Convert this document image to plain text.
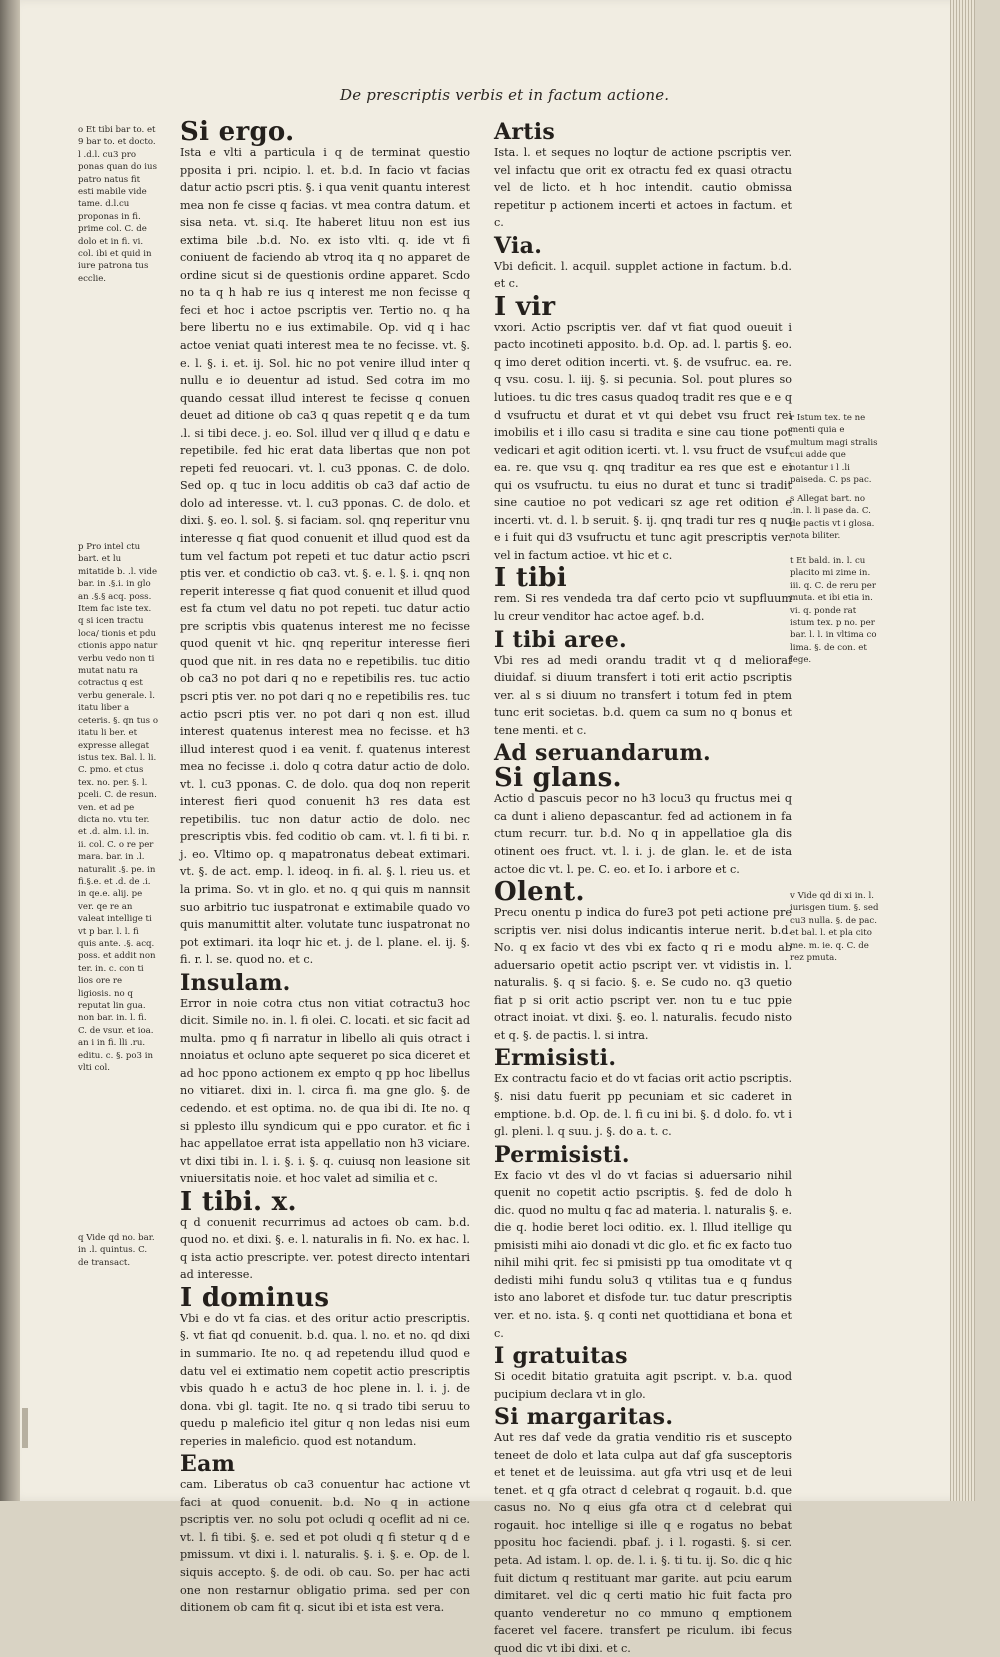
De prescriptis verbis et in factum actione.
o Et tibi bar to. et 9 bar to. et docto. l .d.l. cu3 pro ponas quan do ius patro natus fit esti mabile vide tame. d.l.cu proponas in fi. prime col. C. de dolo et in fi. vi. col. ibi et quid in iure patrona tus ecclie.
p Pro intel ctu bart. et lu mitatide b. .l. vide bar. in .§.i. in glo an .§.§ acq. poss. Item fac iste tex. q si icen tractu loca/ tionis et pdu ctionis appo natur verbu vedo non ti mutat natu ra cotractus q est verbu generale. l. itatu liber a ceteris. §. qn tus o itatu li ber. et expresse allegat istus tex. Bal. l. li. C. pmo. et ctus tex. no. per. §. l. pceli. C. de resun. ven. et ad pe dicta no. vtu ter. et .d. alm. i.l. in. ii. col. C. o re per mara. bar. in .l. naturalit .§. pe. in fi.§.e. et .d. de .i. in qe.e. alij. pe ver. qe re an valeat intellige ti vt p bar. l. l. fi quis ante. .§. acq. poss. et addit non ter. in. c. con ti lios ore re ligiosis. no q reputat lin gua. non bar. in. l. fi. C. de vsur. et ioa. an i in fi. lli .ru. editu. c. §. po3 in vlti col.
q Vide qd no. bar. in .l. quintus. C. de transact.
r Istum tex. te ne menti quia e multum magi stralis cui adde que notantur i l .li paiseda. C. ps pac.
s Allegat bart. no .in. l. li pase da. C. de pactis vt i glosa. nota biliter.
t Et bald. in. l. cu placito mi zime in. iii. q. C. de reru per muta. et ibi etia in. vi. q. ponde rat istum tex. p no. per bar. l. l. in vltima co lima. §. de con. et lege.
v Vide qd di xi in. l. iurisgen tium. §. sed cu3 nulla. §. de pac. et bal. l. et pla cito me. m. ie. q. C. de rez pmuta.
Si ergo.

Ista e vlti a particula i q de terminat questio pposita i pri. ncipio. l. et. b.d. In facio vt facias datur actio pscri ptis. §. i qua venit quantu interest mea non fe cisse q facias. vt mea contra datum. et sisa neta. vt. si.q. Ite haberet lituu non est ius extima bile .b.d. No. ex isto vlti. q. ide vt fi coniuent de faciendo ab vtroq ita q no apparet de ordine sicut si de questionis ordine apparet. Scdo no ta q h hab re ius q interest me non fecisse q feci et hoc i actoe pscriptis ver. Tertio no. q ha bere libertu no e ius extimabile. Op. vid q i hac actoe veniat quati interest mea te no fecisse. vt. §. e. l. §. i. et. ij. Sol. hic no pot venire illud inter q nullu e io deuentur ad istud. Sed cotra im mo quando cessat illud interest te fecisse q conuen deuet ad ditione ob ca3 q quas repetit q e da tum .l. si tibi dece. j. eo. Sol. illud ver q illud q e datu e repetibile. fed hic erat data libertas que non pot repeti fed reuocari. vt. l. cu3 pponas. C. de dolo. Sed op. q tuc in locu additis ob ca3 daf actio de dolo ad interesse. vt. l. cu3 pponas. C. de dolo. et dixi. §. eo. l. sol. §. si faciam. sol. qnq reperitur vnu interesse q fiat quod conuenit et illud quod est da tum vel factum pot repeti et tuc datur actio pscri ptis ver. et condictio ob ca3. vt. §. e. l. §. i. qnq non reperit interesse q fiat quod conuenit et illud quod est fa ctum vel datu no pot repeti. tuc datur actio pre scriptis vbis quatenus interest me no fecisse quod quenit vt hic. qnq reperitur interesse fieri quod que nit. in res data no e repetibilis. tuc ditio ob ca3 no pot dari q no e repetibilis res. tuc actio pscri ptis ver. no pot dari q no e repetibilis res. tuc actio pscri ptis ver. no pot dari q non est. illud interest quatenus interest mea no fecisse. et h3 illud interest quod i ea venit. f. quatenus interest mea no fecisse .i. dolo q cotra datur actio de dolo. vt. l. cu3 pponas. C. de dolo. qua doq non reperit interest fieri quod conuenit h3 res data est repetibilis. tuc non datur actio de dolo. nec prescriptis vbis. fed coditio ob cam. vt. l. fi ti bi. r. j. eo. Vltimo op. q mapatronatus debeat extimari. vt. §. de act. emp. l. ideoq. in fi. al. §. l. rieu us. et la prima. So. vt in glo. et no. q qui quis m nannsit suo arbitrio tuc iuspatronat e extimabile quado vo quis manumittit alter. volutate tunc iuspatronat no pot extimari. ita loqr hic et. j. de l. plane. el. ij. §. fi. r. l. se. quod no. et c.

Insulam.

Error in noie cotra ctus non vitiat cotractu3 hoc dicit. Simile no. in. l. fi olei. C. locati. et sic facit ad multa. pmo q fi narratur in libello ali quis otract i nnoiatus et ocluno apte sequeret po sica diceret et ad hoc ppono actionem ex empto q pp hoc libellus no vitiaret. dixi in. l. circa fi. ma gne glo. §. de cedendo. et est optima. no. de qua ibi di. Ite no. q si pplesto illu syndicum qui e ppo curator. et fic i hac appellatoe errat ista appellatio non h3 viciare. vt dixi tibi in. l. i. §. i. §. q. cuiusq non leasione sit vniuersitatis noie. et hoc valet ad similia et c.

I tibi. x.

q d conuenit recurrimus ad actoes ob cam. b.d. quod no. et dixi. §. e. l. naturalis in fi. No. ex hac. l. q ista actio prescripte. ver. potest directo intentari ad interesse.

I dominus

Vbi e do vt fa cias. et des oritur actio prescriptis. §. vt fiat qd conuenit. b.d. qua. l. no. et no. qd dixi in summario. Ite no. q ad repetendu illud quod e datu vel ei extimatio nem copetit actio prescriptis vbis quado h e actu3 de hoc plene in. l. i. j. de dona. vbi gl. tagit. Ite no. q si trado tibi seruu to quedu p maleficio itel gitur q non ledas nisi eum reperies in maleficio. quod est notandum.

Eam

cam. Liberatus ob ca3 conuentur hac actione vt faci at quod conuenit. b.d. No q in actione pscriptis ver. no solu pot ocludi q oceflit ad ni ce. vt. l. fi tibi. §. e. sed et pot oludi q fi stetur q d e pmissum. vt dixi i. l. naturalis. §. i. §. e. Op. de l. siquis accepto. §. de odi. ob cau. So. per hac acti one non restarnur obligatio prima. sed per con ditionem ob cam fit q. sicut ibi et ista est vera.

Artis

Ista. l. et seques no loqtur de actione pscriptis ver. vel infactu que orit ex otractu fed ex quasi otractu vel de licto. et h hoc intendit. cautio obmissa repetitur p actionem incerti et actoes in factum. et c.

Via.

Vbi deficit. l. acquil. supplet actione in factum. b.d. et c.

I vir

vxori. Actio pscriptis ver. daf vt fiat quod oueuit i pacto incotineti apposito. b.d. Op. ad. l. partis §. eo. q imo deret odition incerti. vt. §. de vsufruc. ea. re. q vsu. cosu. l. iij. §. si pecunia. Sol. pout plures so lutioes. tu dic tres casus quadoq tradit res que e e q d vsufructu et durat et vt qui debet vsu fruct rei imobilis et i illo casu si tradita e sine cau tione pot vedicari et agit odition icerti. vt. l. vsu fruct de vsuf. ea. re. que vsu q. qnq traditur ea res que est e ei qui os vsufructu. tu eius no durat et tunc si tradit sine cautioe no pot vedicari sz age ret odition e incerti. vt. d. l. b seruit. §. ij. qnq tradi tur res q nuq e i fuit qui d3 vsufructu et tunc agit prescriptis ver. vel in factum actioe. vt hic et c.

I tibi

rem. Si res vendeda tra daf certo pcio vt supfluum lu creur venditor hac actoe agef. b.d.

I tibi aree.

Vbi res ad medi orandu tradit vt q d melioraf diuidaf. si diuum transfert i toti erit actio pscriptis ver. al s si diuum no transfert i totum fed in ptem tunc erit societas. b.d. quem ca sum no q bonus et tene menti. et c.

Ad seruandarum.
Si glans.

Actio d pascuis pecor no h3 locu3 qu fructus mei q ca dunt i alieno depascantur. fed ad actionem in fa ctum recurr. tur. b.d. No q in appellatioe gla dis otinent oes fruct. vt. l. i. j. de glan. le. et de ista actoe dic vt. l. pe. C. eo. et Io. i arbore et c.

Olent.

Precu onentu p indica do fure3 pot peti actione pre scriptis ver. nisi dolus indicantis interue nerit. b.d. No. q ex facio vt des vbi ex facto q ri e modu ab aduersario opetit actio pscript ver. vt vidistis in. l. naturalis. §. q si facio. §. e. Se cudo no. q3 quetio fiat p si orit actio pscript ver. non tu e tuc ppie otract inoiat. vt dixi. §. eo. l. naturalis. fecudo nisto et q. §. de pactis. l. si intra.

Ermisisti.

Ex contractu facio et do vt facias orit actio pscriptis. §. nisi datu fuerit pp pecuniam et sic caderet in emptione. b.d. Op. de. l. fi cu ini bi. §. d dolo. fo. vt i gl. pleni. l. q suu. j. §. do a. t. c.

Permisisti.

Ex facio vt des vl do vt facias si aduersario nihil quenit no copetit actio pscriptis. §. fed de dolo h dic. quod no multu q fac ad materia. l. naturalis §. e. die q. hodie beret loci oditio. ex. l. Illud itellige qu pmisisti mihi aio donadi vt dic glo. et fic ex facto tuo nihil mihi qrit. fec si pmisisti pp tua omoditate vt q dedisti mihi fundu solu3 q vtilitas tua e q fundus isto ano laboret et disfode tur. tuc datur prescriptis ver. et no. ista. §. q conti net quottidiana et bona et c.

I gratuitas

Si ocedit bitatio gratuita agit pscript. v. b.a. quod pucipium declara vt in glo.

Si margaritas.

Aut res daf vede da gratia venditio ris et suscepto teneet de dolo et lata culpa aut daf gfa susceptoris et tenet et de leuissima. aut gfa vtri usq et de leui tenet. et q gfa otract d celebrat q rogauit. b.d. que casus no. No q eius gfa otra ct d celebrat qui rogauit. hoc intellige si ille q e rogatus no bebat ppositu hoc faciendi. pbaf. j. i l. rogasti. §. si cer. peta. Ad istam. l. op. de. l. i. §. ti tu. ij. So. dic q hic fuit dictum q restituant mar garite. aut pciu earum dimitaret. vel dic q certi matio hic fuit facta pro quanto venderetur no co mmuno q emptionem faceret vel facere. transfert pe riculum. ibi fecus quod dic vt ibi dixi. et c.
